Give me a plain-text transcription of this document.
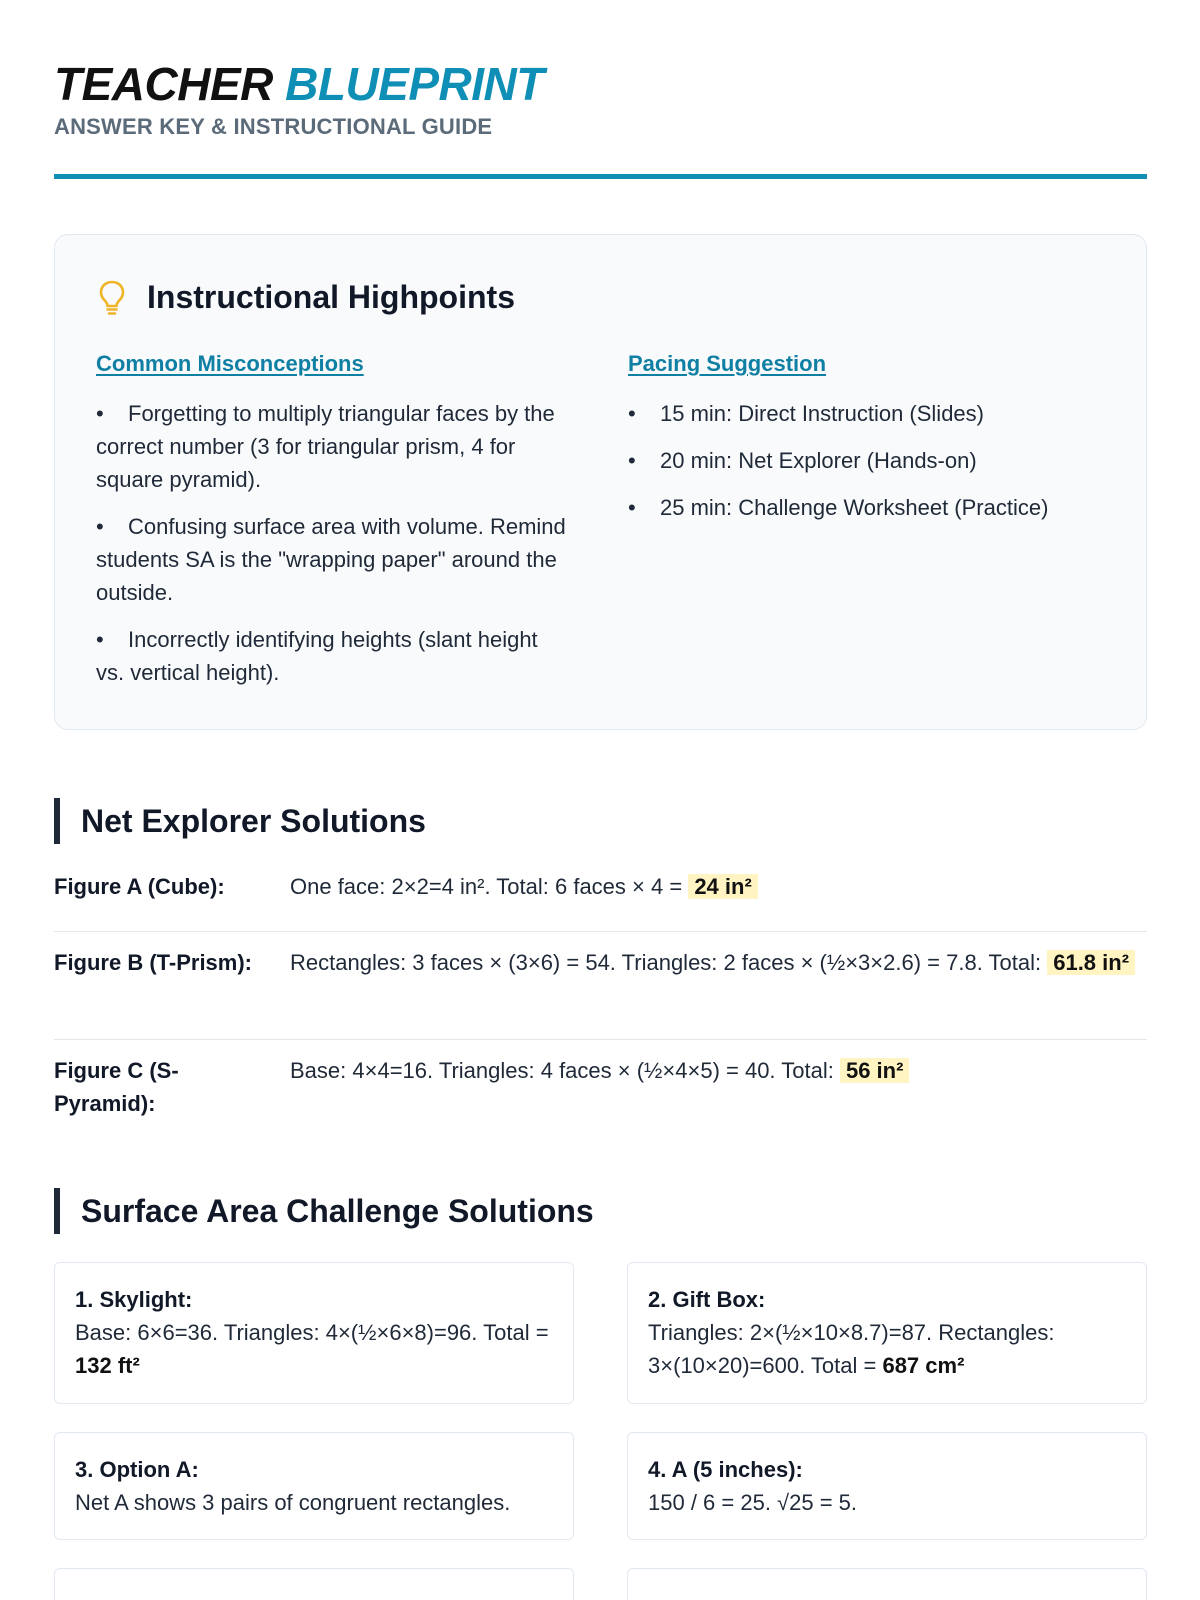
TEACHER BLUEPRINT
ANSWER KEY & INSTRUCTIONAL GUIDE
Instructional Highpoints
Common Misconceptions
• Forgetting to multiply triangular faces by the correct number (3 for triangular prism, 4 for square pyramid).
• Confusing surface area with volume. Remind students SA is the "wrapping paper" around the outside.
• Incorrectly identifying heights (slant height vs. vertical height).
Pacing Suggestion
• 15 min: Direct Instruction (Slides)
• 20 min: Net Explorer (Hands-on)
• 25 min: Challenge Worksheet (Practice)
Net Explorer Solutions
Figure A (Cube):	One face: 2×2=4 in². Total: 6 faces × 4 = 24 in²
Figure B (T-Prism):	Rectangles: 3 faces × (3×6) = 54. Triangles: 2 faces × (½×3×2.6) = 7.8. Total: 61.8 in²
Figure C (S-Pyramid):
Base: 4×4=16. Triangles: 4 faces × (½×4×5) = 40. Total: 56 in²
Surface Area Challenge Solutions
1. Skylight:
Base: 6×6=36. Triangles: 4×(½×6×8)=96. Total = 132 ft²
2. Gift Box:
Triangles: 2×(½×10×8.7)=87. Rectangles: 3×(10×20)=600. Total = 687 cm²
3. Option A:
Net A shows 3 pairs of congruent rectangles.
4. A (5 inches):
150 / 6 = 25. √25 = 5.
